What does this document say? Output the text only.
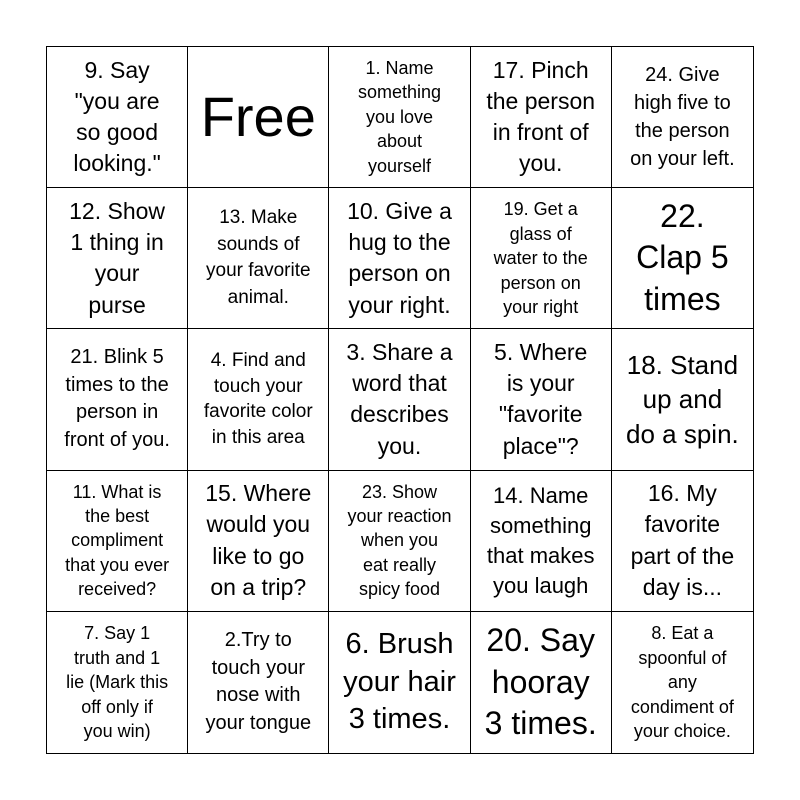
9. Say
"you are
so good
looking."
Free
1. Name
something
you love
about
yourself
17. Pinch
the person
in front of
you.
24. Give
high five to
the person
on your left.
12. Show
1 thing in
your
purse
13. Make
sounds of
your favorite
animal.
10. Give a
hug to the
person on
your right.
19. Get a
glass of
water to the
person on
your right
22.
Clap 5
times
21. Blink 5
times to the
person in
front of you.
4. Find and
touch your
favorite color
in this area
3. Share a
word that
describes
you.
5. Where
is your
"favorite
place"?
18. Stand
up and
do a spin.
11. What is
the best
compliment
that you ever
received?
15. Where
would you
like to go
on a trip?
23. Show
your reaction
when you
eat really
spicy food
14. Name
something
that makes
you laugh
16. My
favorite
part of the
day is...
7. Say 1
truth and 1
lie (Mark this
off only if
you win)
2.Try to
touch your
nose with
your tongue
6. Brush
your hair
3 times.
20. Say
hooray
3 times.
8. Eat a
spoonful of
any
condiment of
your choice.
